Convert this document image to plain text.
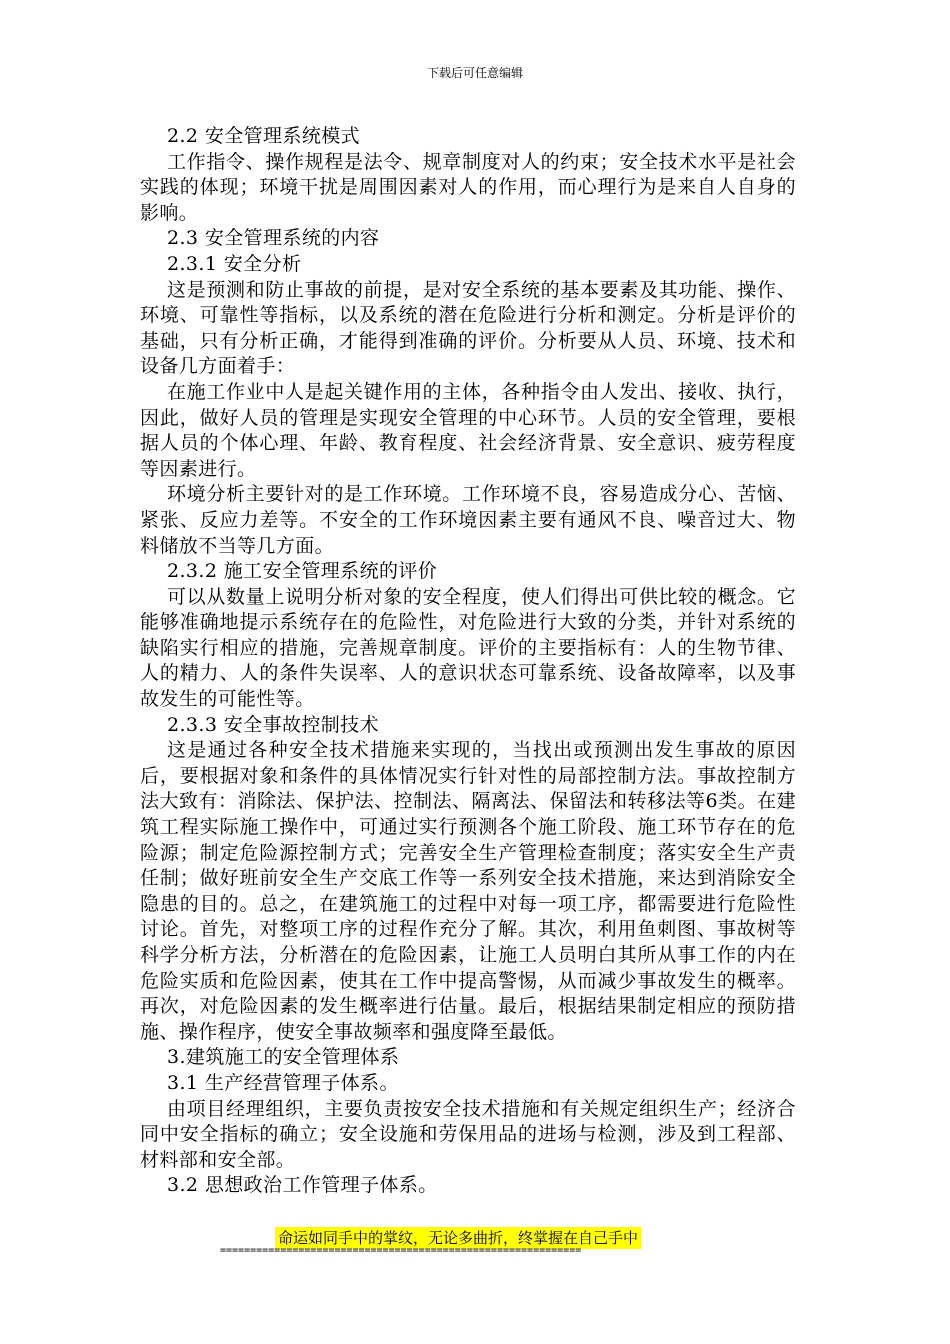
下载后可任意编辑

2.2 安全管理系统模式

工作指令、操作规程是法令、规章制度对人的约束；安全技术水平是社会实践的体现；环境干扰是周围因素对人的作用，而心理行为是来自人自身的影响。

2.3 安全管理系统的内容

2.3.1 安全分析

这是预测和防止事故的前提，是对安全系统的基本要素及其功能、操作、环境、可靠性等指标，以及系统的潜在危险进行分析和测定。分析是评价的基础，只有分析正确，才能得到准确的评价。分析要从人员、环境、技术和设备几方面着手：

在施工作业中人是起关键作用的主体，各种指令由人发出、接收、执行，因此，做好人员的管理是实现安全管理的中心环节。人员的安全管理，要根据人员的个体心理、年龄、教育程度、社会经济背景、安全意识、疲劳程度等因素进行。

环境分析主要针对的是工作环境。工作环境不良，容易造成分心、苦恼、紧张、反应力差等。不安全的工作环境因素主要有通风不良、噪音过大、物料储放不当等几方面。

2.3.2 施工安全管理系统的评价

可以从数量上说明分析对象的安全程度，使人们得出可供比较的概念。它能够准确地提示系统存在的危险性，对危险进行大致的分类，并针对系统的缺陷实行相应的措施，完善规章制度。评价的主要指标有：人的生物节律、人的精力、人的条件失误率、人的意识状态可靠系统、设备故障率，以及事故发生的可能性等。

2.3.3 安全事故控制技术

这是通过各种安全技术措施来实现的，当找出或预测出发生事故的原因后，要根据对象和条件的具体情况实行针对性的局部控制方法。事故控制方法大致有：消除法、保护法、控制法、隔离法、保留法和转移法等6类。在建筑工程实际施工操作中，可通过实行预测各个施工阶段、施工环节存在的危险源；制定危险源控制方式；完善安全生产管理检查制度；落实安全生产责任制；做好班前安全生产交底工作等一系列安全技术措施，来达到消除安全隐患的目的。总之，在建筑施工的过程中对每一项工序，都需要进行危险性讨论。首先，对整项工序的过程作充分了解。其次，利用鱼刺图、事故树等科学分析方法，分析潜在的危险因素，让施工人员明白其所从事工作的内在危险实质和危险因素，使其在工作中提高警惕，从而减少事故发生的概率。再次，对危险因素的发生概率进行估量。最后，根据结果制定相应的预防措施、操作程序，使安全事故频率和强度降至最低。

3.建筑施工的安全管理体系

3.1 生产经营管理子体系。

由项目经理组织，主要负责按安全技术措施和有关规定组织生产；经济合同中安全指标的确立；安全设施和劳保用品的进场与检测，涉及到工程部、材料部和安全部。

3.2 思想政治工作管理子体系。

命运如同手中的掌纹，无论多曲折，终掌握在自己手中
============================================================
